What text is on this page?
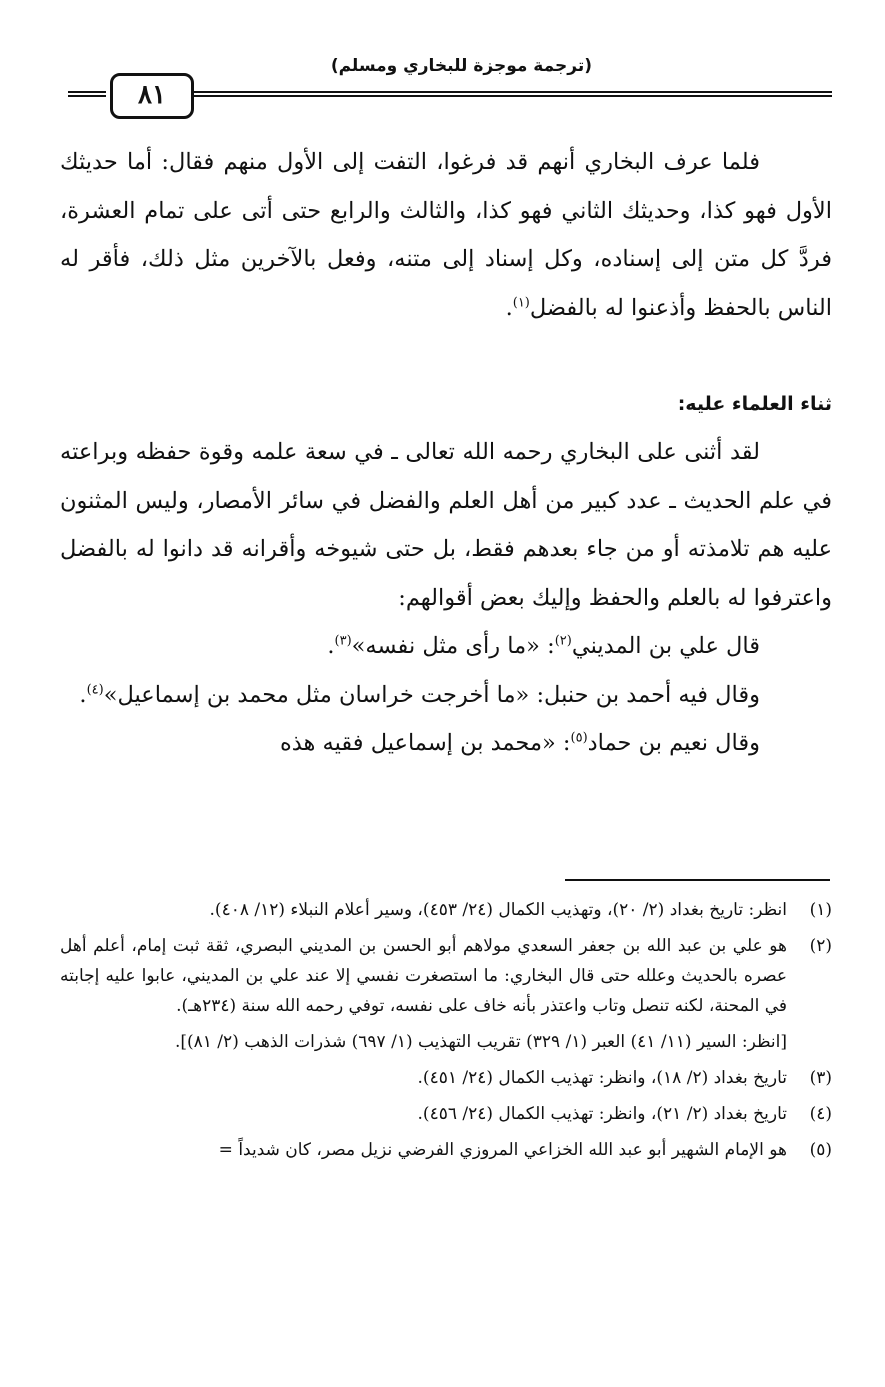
(ترجمة موجزة للبخاري ومسلم)
٨١

فلما عرف البخاري أنهم قد فرغوا، التفت إلى الأول منهم فقال: أما حديثك الأول فهو كذا، وحديثك الثاني فهو كذا، والثالث والرابع حتى أتى على تمام العشرة، فردَّ كل متن إلى إسناده، وكل إسناد إلى متنه، وفعل بالآخرين مثل ذلك، فأقر له الناس بالحفظ وأذعنوا له بالفضل$^{(١)}$.

ثناء العلماء عليه:

لقد أثنى على البخاري رحمه الله تعالى ـ في سعة علمه وقوة حفظه وبراعته في علم الحديث ـ عدد كبير من أهل العلم والفضل في سائر الأمصار، وليس المثنون عليه هم تلامذته أو من جاء بعدهم فقط، بل حتى شيوخه وأقرانه قد دانوا له بالفضل واعترفوا له بالعلم والحفظ وإليك بعض أقوالهم:

قال علي بن المديني$^{(٢)}$: «ما رأى مثل نفسه»$^{(٣)}$.

وقال فيه أحمد بن حنبل: «ما أخرجت خراسان مثل محمد بن إسماعيل»$^{(٤)}$.

وقال نعيم بن حماد$^{(٥)}$: «محمد بن إسماعيل فقيه هذه

(١)
انظر: تاريخ بغداد (٢/ ٢٠)، وتهذيب الكمال (٢٤/ ٤٥٣)، وسير أعلام النبلاء (١٢/ ٤٠٨).
(٢)
هو علي بن عبد الله بن جعفر السعدي مولاهم أبو الحسن بن المديني البصري، ثقة ثبت إمام، أعلم أهل عصره بالحديث وعلله حتى قال البخاري: ما استصغرت نفسي إلا عند علي بن المديني، عابوا عليه إجابته في المحنة، لكنه تنصل وتاب واعتذر بأنه خاف على نفسه، توفي رحمه الله سنة (٢٣٤هـ).
[انظر: السير (١١/ ٤١) العبر (١/ ٣٢٩) تقريب التهذيب (١/ ٦٩٧) شذرات الذهب (٢/ ٨١)].
(٣)
تاريخ بغداد (٢/ ١٨)، وانظر: تهذيب الكمال (٢٤/ ٤٥١).
(٤)
تاريخ بغداد (٢/ ٢١)، وانظر: تهذيب الكمال (٢٤/ ٤٥٦).
(٥)
هو الإمام الشهير أبو عبد الله الخزاعي المروزي الفرضي نزيل مصر، كان شديداً =
